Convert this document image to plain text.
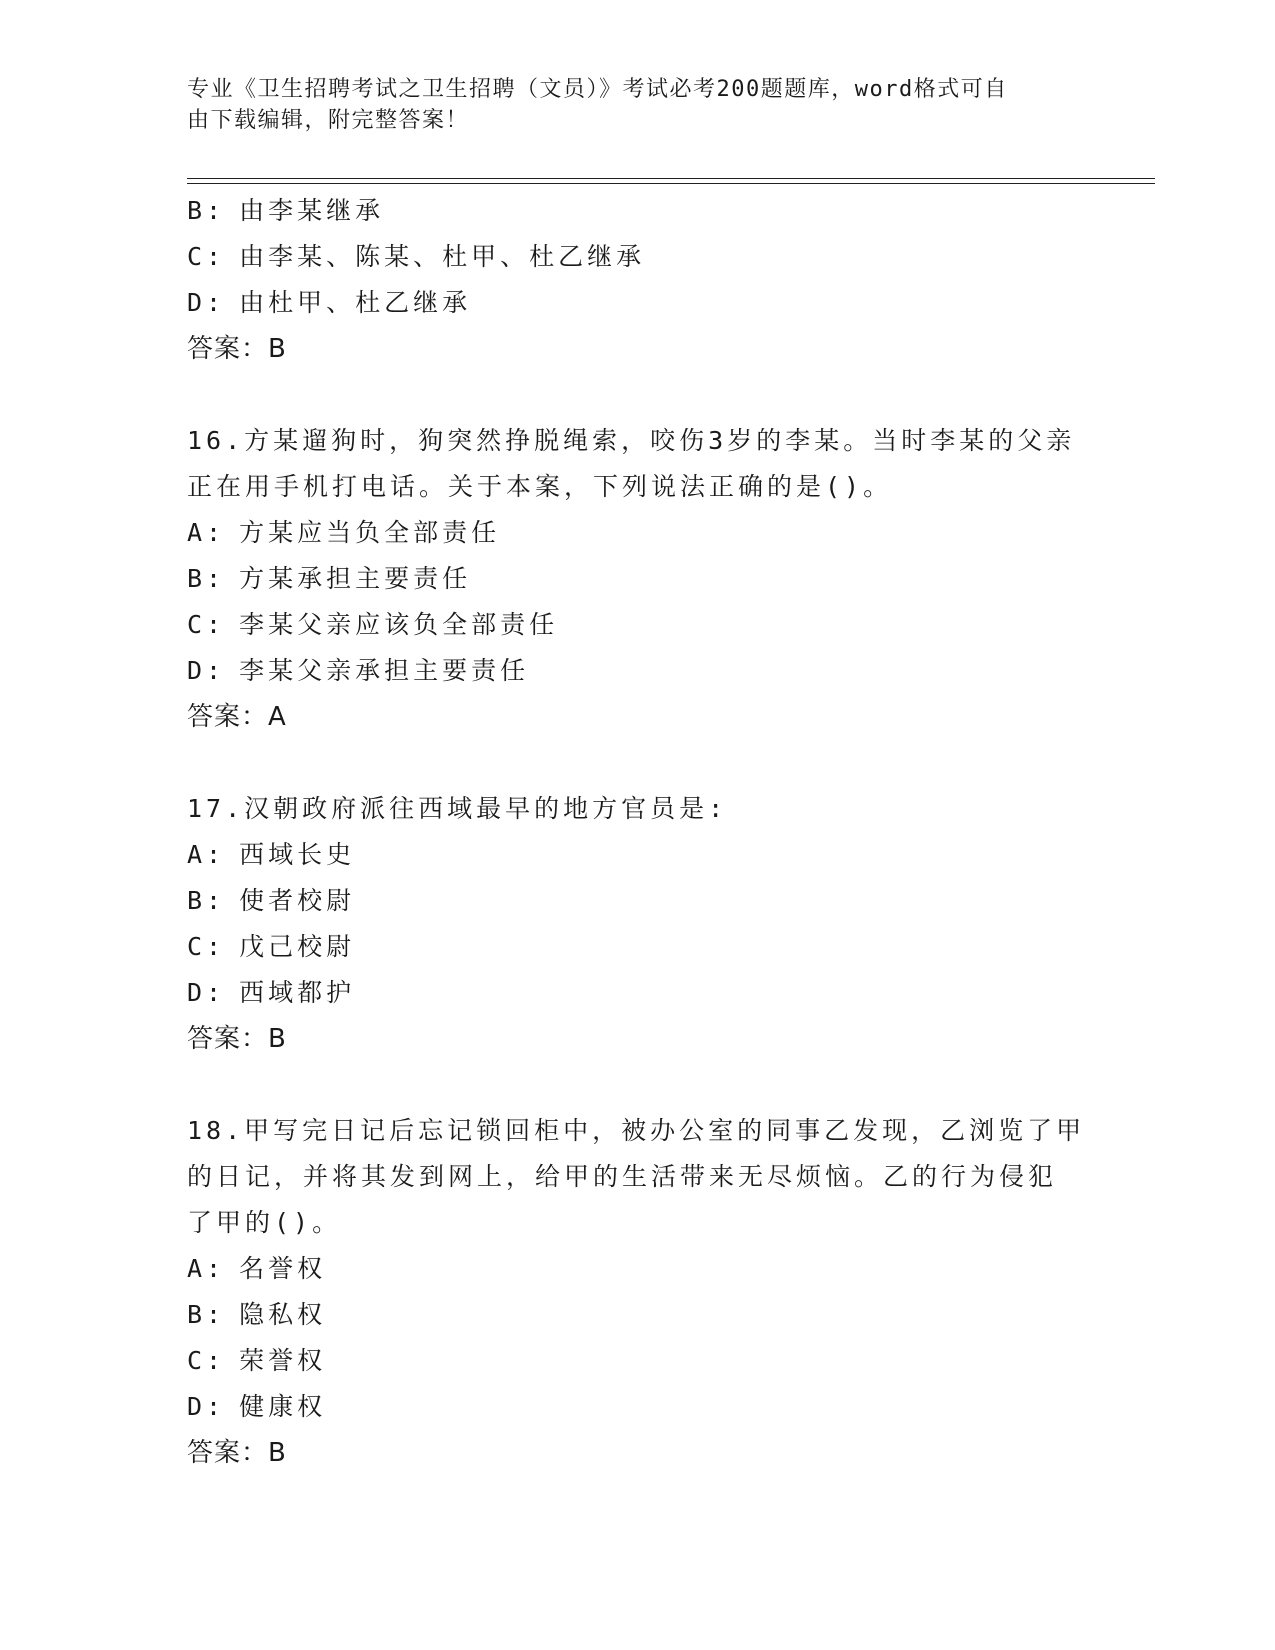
专业《卫生招聘考试之卫生招聘（文员）》考试必考200题题库，word格式可自
由下载编辑，附完整答案！
B: 由李某继承
C: 由李某、陈某、杜甲、杜乙继承
D: 由杜甲、杜乙继承
答案：B
16.方某遛狗时，狗突然挣脱绳索，咬伤3岁的李某。当时李某的父亲
正在用手机打电话。关于本案，下列说法正确的是()。
A: 方某应当负全部责任
B: 方某承担主要责任
C: 李某父亲应该负全部责任
D: 李某父亲承担主要责任
答案：A
17.汉朝政府派往西域最早的地方官员是:
A: 西域长史
B: 使者校尉
C: 戊己校尉
D: 西域都护
答案：B
18.甲写完日记后忘记锁回柜中，被办公室的同事乙发现，乙浏览了甲
的日记，并将其发到网上，给甲的生活带来无尽烦恼。乙的行为侵犯
了甲的()。
A: 名誉权
B: 隐私权
C: 荣誉权
D: 健康权
答案：B
